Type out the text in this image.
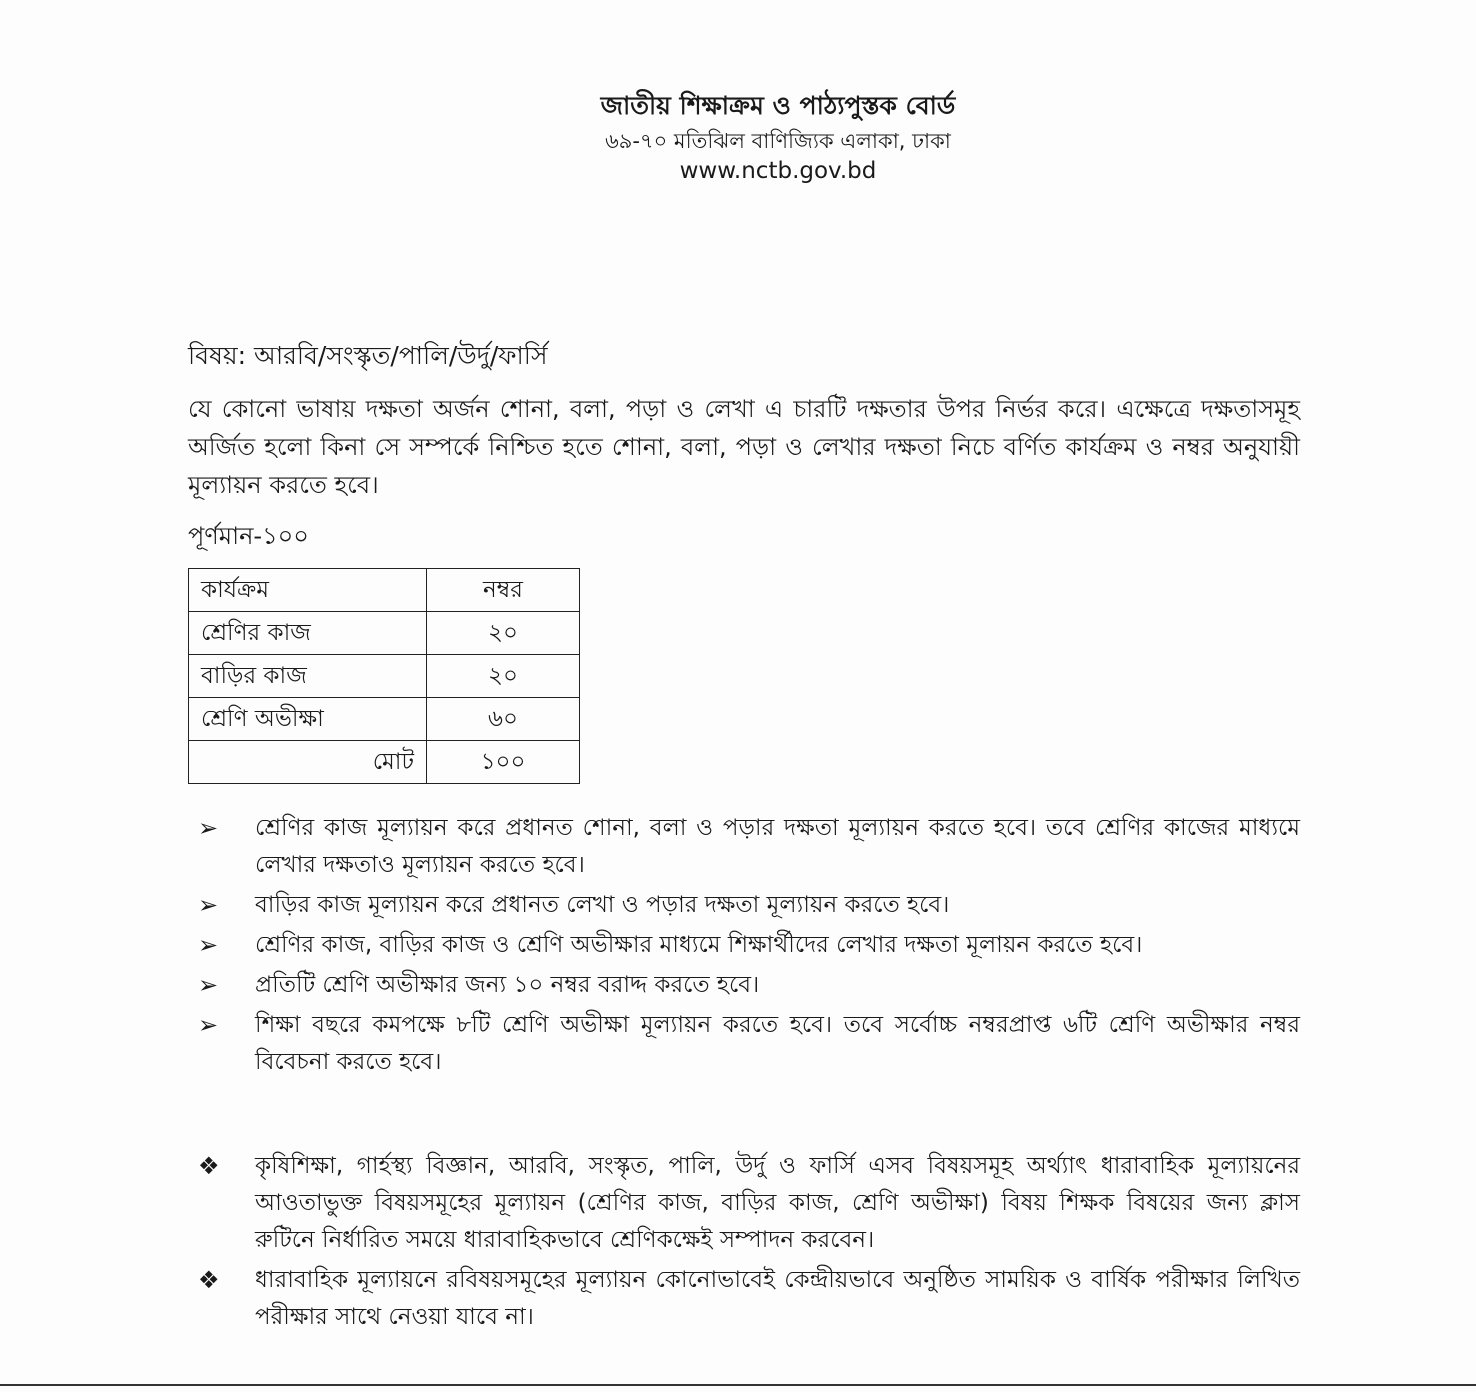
জাতীয় শিক্ষাক্রম ও পাঠ্যপুস্তক বোর্ড
৬৯-৭০ মতিঝিল বাণিজ্যিক এলাকা, ঢাকা
www.nctb.gov.bd
বিষয়: আরবি/সংস্কৃত/পালি/উর্দু/ফার্সি
যে কোনো ভাষায় দক্ষতা অর্জন শোনা, বলা, পড়া ও লেখা এ চারটি দক্ষতার উপর নির্ভর করে। এক্ষেত্রে দক্ষতাসমূহ অর্জিত হলো কিনা সে সম্পর্কে নিশ্চিত হতে শোনা, বলা, পড়া ও লেখার দক্ষতা নিচে বর্ণিত কার্যক্রম ও নম্বর অনুযায়ী মূল্যায়ন করতে হবে।
পূর্ণমান-১০০
কার্যক্রম	নম্বর
শ্রেণির কাজ	২০
বাড়ির কাজ	২০
শ্রেণি অভীক্ষা	৬০
মোট	১০০
➢	শ্রেণির কাজ মূল্যায়ন করে প্রধানত শোনা, বলা ও পড়ার দক্ষতা মূল্যায়ন করতে হবে। তবে শ্রেণির কাজের মাধ্যমে লেখার দক্ষতাও মূল্যায়ন করতে হবে।
➢	বাড়ির কাজ মূল্যায়ন করে প্রধানত লেখা ও পড়ার দক্ষতা মূল্যায়ন করতে হবে।
➢	শ্রেণির কাজ, বাড়ির কাজ ও শ্রেণি অভীক্ষার মাধ্যমে শিক্ষার্থীদের লেখার দক্ষতা মূলায়ন করতে হবে।
➢	প্রতিটি শ্রেণি অভীক্ষার জন্য ১০ নম্বর বরাদ্দ করতে হবে।
➢	শিক্ষা বছরে কমপক্ষে ৮টি শ্রেণি অভীক্ষা মূল্যায়ন করতে হবে। তবে সর্বোচ্চ নম্বরপ্রাপ্ত ৬টি শ্রেণি অভীক্ষার নম্বর বিবেচনা করতে হবে।
❖	কৃষিশিক্ষা, গার্হস্থ্য বিজ্ঞান, আরবি, সংস্কৃত, পালি, উর্দু ও ফার্সি এসব বিষয়সমূহ অর্থ্যাৎ ধারাবাহিক মূল্যায়নের আওতাভুক্ত বিষয়সমূহের মূল্যায়ন (শ্রেণির কাজ, বাড়ির কাজ, শ্রেণি অভীক্ষা) বিষয় শিক্ষক বিষয়ের জন্য ক্লাস রুটিনে নির্ধারিত সময়ে ধারাবাহিকভাবে শ্রেণিকক্ষেই সম্পাদন করবেন।
❖	ধারাবাহিক মূল্যায়নে রবিষয়সমূহের মূল্যায়ন কোনোভাবেই কেন্দ্রীয়ভাবে অনুষ্ঠিত সাময়িক ও বার্ষিক পরীক্ষার লিখিত পরীক্ষার সাথে নেওয়া যাবে না।
